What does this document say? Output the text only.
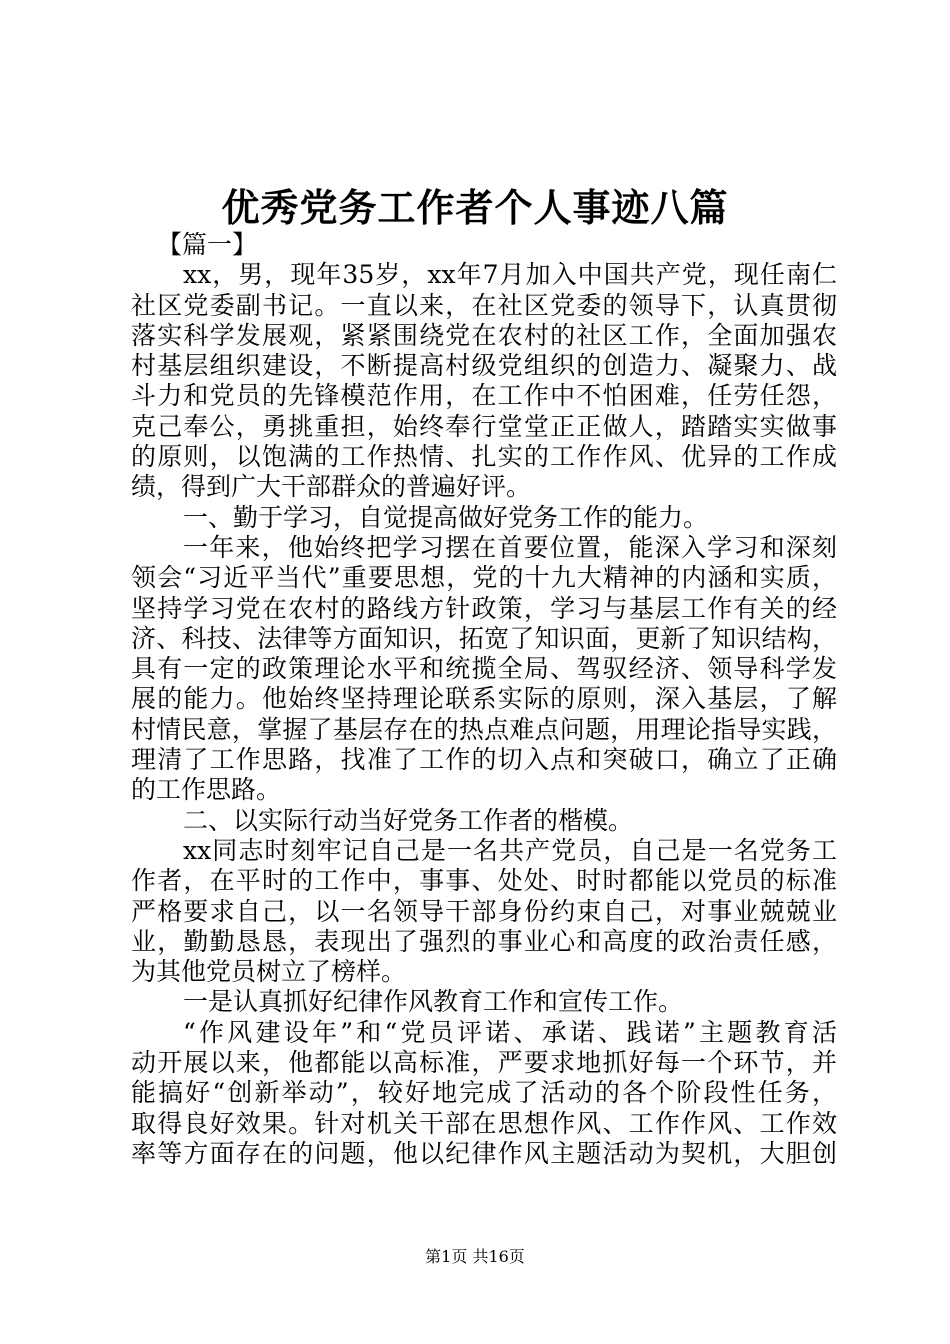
优秀党务工作者个人事迹八篇
【篇一】
xx，男，现年35岁，xx年7月加入中国共产党，现任南仁
社区党委副书记。一直以来，在社区党委的领导下，认真贯彻
落实科学发展观，紧紧围绕党在农村的社区工作，全面加强农
村基层组织建设，不断提高村级党组织的创造力、凝聚力、战
斗力和党员的先锋模范作用，在工作中不怕困难，任劳任怨，
克己奉公，勇挑重担，始终奉行堂堂正正做人，踏踏实实做事
的原则，以饱满的工作热情、扎实的工作作风、优异的工作成
绩，得到广大干部群众的普遍好评。
一、勤于学习，自觉提高做好党务工作的能力。
一年来，他始终把学习摆在首要位置，能深入学习和深刻
领会“习近平当代”重要思想，党的十九大精神的内涵和实质，
坚持学习党在农村的路线方针政策，学习与基层工作有关的经
济、科技、法律等方面知识，拓宽了知识面，更新了知识结构，
具有一定的政策理论水平和统揽全局、驾驭经济、领导科学发
展的能力。他始终坚持理论联系实际的原则，深入基层，了解
村情民意，掌握了基层存在的热点难点问题，用理论指导实践，
理清了工作思路，找准了工作的切入点和突破口，确立了正确
的工作思路。
二、以实际行动当好党务工作者的楷模。
xx同志时刻牢记自己是一名共产党员，自己是一名党务工
作者，在平时的工作中，事事、处处、时时都能以党员的标准
严格要求自己，以一名领导干部身份约束自己，对事业兢兢业
业，勤勤恳恳，表现出了强烈的事业心和高度的政治责任感，
为其他党员树立了榜样。
一是认真抓好纪律作风教育工作和宣传工作。
“作风建设年”和“党员评诺、承诺、践诺”主题教育活
动开展以来，他都能以高标准，严要求地抓好每一个环节，并
能搞好“创新举动”，较好地完成了活动的各个阶段性任务，
取得良好效果。针对机关干部在思想作风、工作作风、工作效
率等方面存在的问题，他以纪律作风主题活动为契机，大胆创
第1页 共16页
